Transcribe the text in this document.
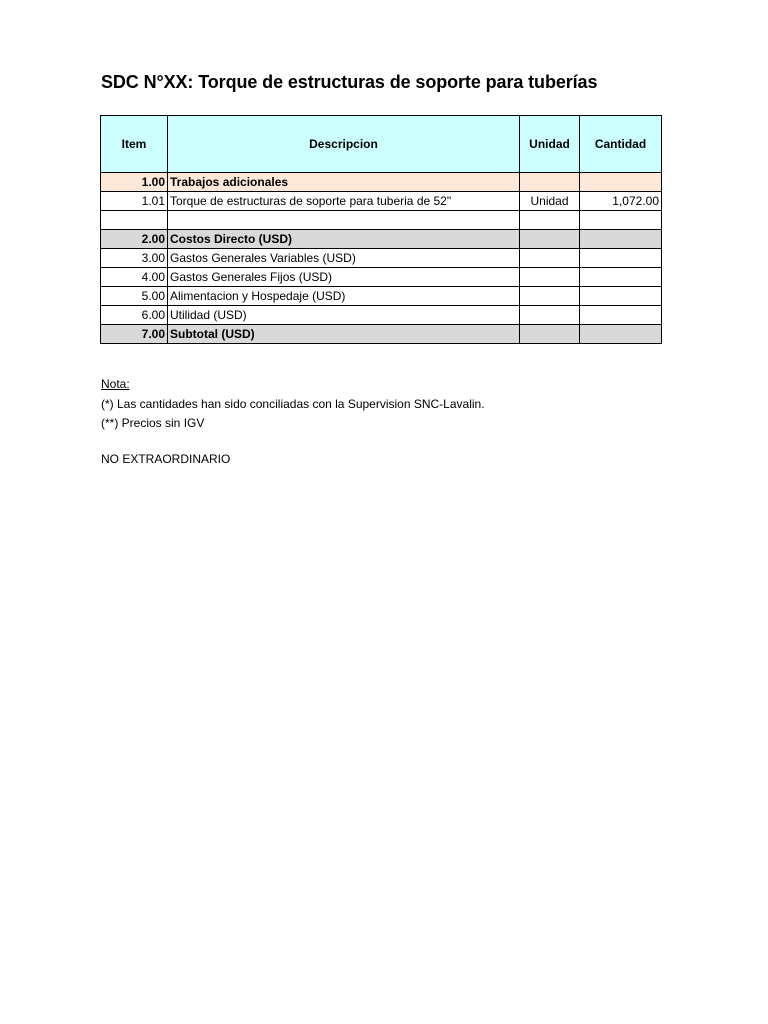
SDC N°XX: Torque de estructuras de soporte para tuberías
Item	Descripcion	Unidad	Cantidad
1.00	Trabajos adicionales		
1.01	Torque de estructuras de soporte para tuberia de 52"	Unidad	1,072.00

2.00	Costos Directo (USD)		
3.00	Gastos Generales Variables (USD)		
4.00	Gastos Generales Fijos (USD)		
5.00	Alimentacion y Hospedaje (USD)		
6.00	Utilidad (USD)		
7.00	Subtotal (USD)		
Nota:
(*) Las cantidades han sido conciliadas con la Supervision SNC-Lavalin.
(**) Precios sin IGV
NO EXTRAORDINARIO
